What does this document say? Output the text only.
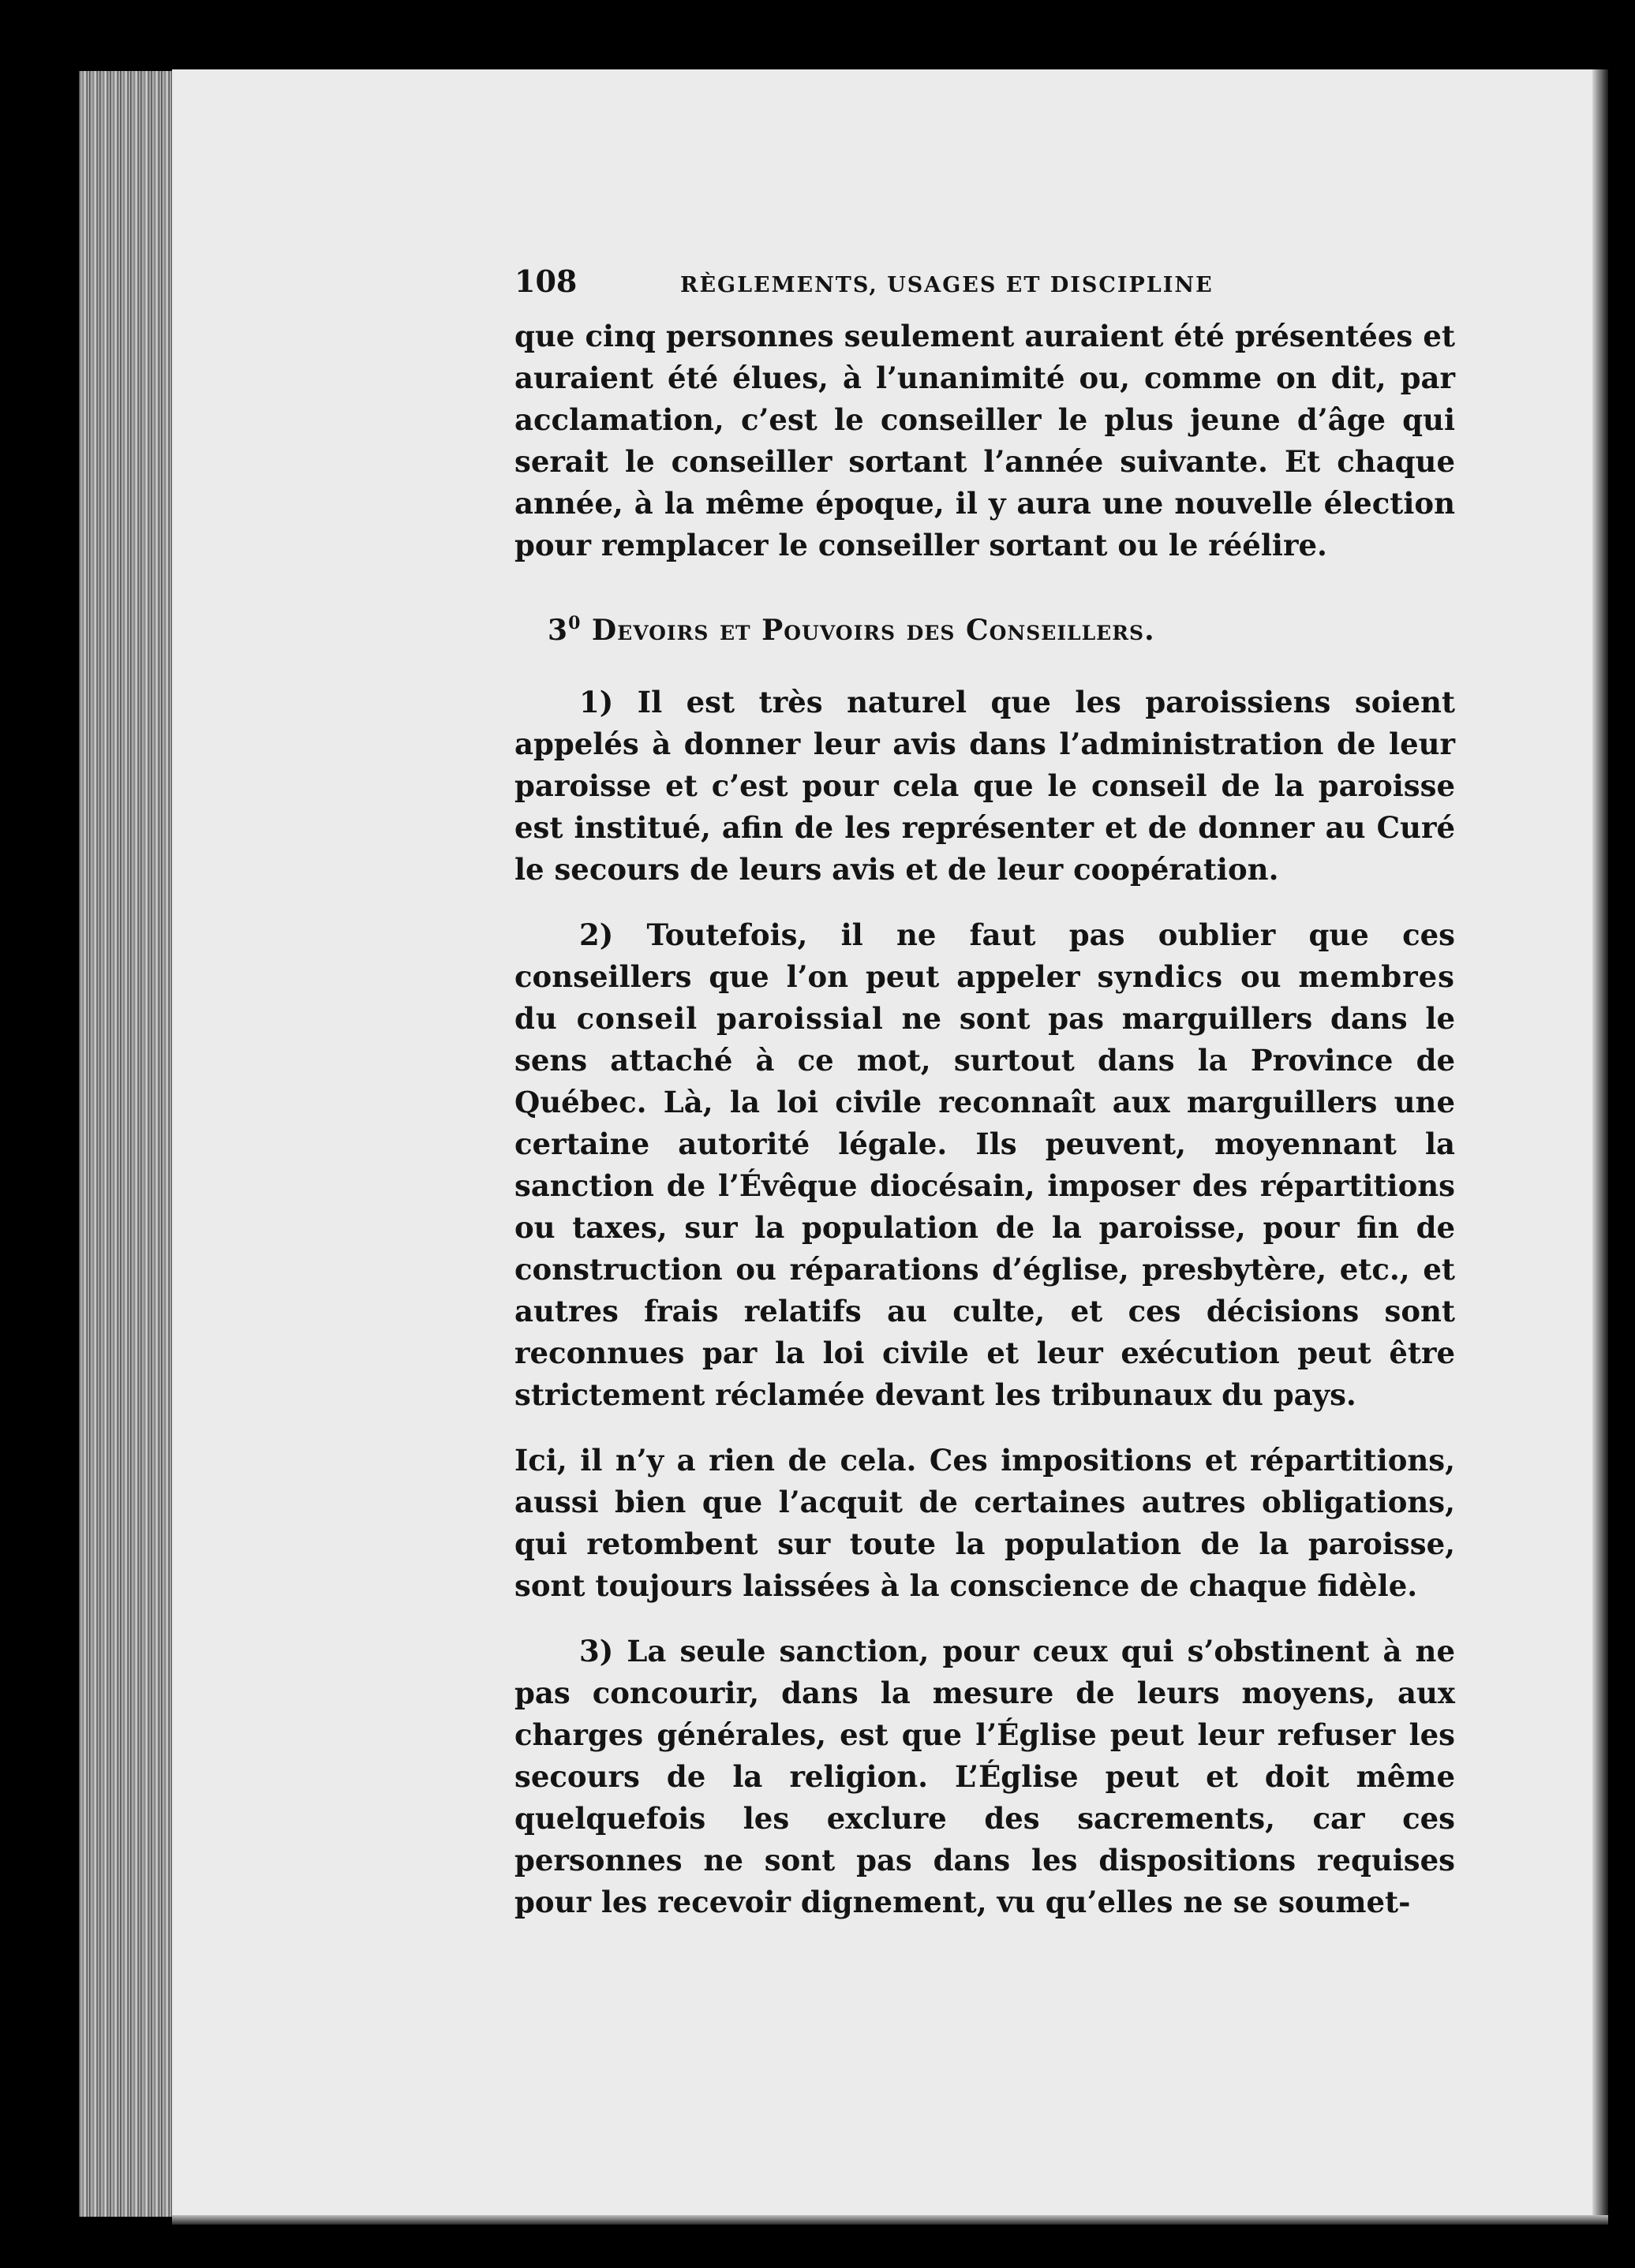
108	RÈGLEMENTS, USAGES ET DISCIPLINE

que cinq personnes seulement auraient été présentées et auraient été élues, à l’unanimité ou, comme on dit, par acclamation, c’est le conseiller le plus jeune d’âge qui serait le conseiller sortant l’année suivante. Et chaque année, à la même époque, il y aura une nouvelle élection pour remplacer le conseiller sortant ou le réélire.

$3^0$ Devoirs et Pouvoirs des Conseillers.

1) Il est très naturel que les paroissiens soient appelés à donner leur avis dans l’administration de leur paroisse et c’est pour cela que le conseil de la paroisse est institué, afin de les représenter et de donner au Curé le secours de leurs avis et de leur coopération.

2) Toutefois, il ne faut pas oublier que ces conseillers que l’on peut appeler syndics ou membres du conseil paroissial ne sont pas marguillers dans le sens attaché à ce mot, surtout dans la Province de Québec. Là, la loi civile reconnaît aux marguillers une certaine autorité légale. Ils peuvent, moyennant la sanction de l’Évêque diocésain, imposer des répartitions ou taxes, sur la population de la paroisse, pour fin de construction ou réparations d’église, presbytère, etc., et autres frais relatifs au culte, et ces décisions sont reconnues par la loi civile et leur exécution peut être strictement réclamée devant les tribunaux du pays.

Ici, il n’y a rien de cela. Ces impositions et répartitions, aussi bien que l’acquit de certaines autres obligations, qui retombent sur toute la population de la paroisse, sont toujours laissées à la conscience de chaque fidèle.

3) La seule sanction, pour ceux qui s’obstinent à ne pas concourir, dans la mesure de leurs moyens, aux charges générales, est que l’Église peut leur refuser les secours de la religion. L’Église peut et doit même quelquefois les exclure des sacrements, car ces personnes ne sont pas dans les dispositions requises pour les recevoir dignement, vu qu’elles ne se soumet-
